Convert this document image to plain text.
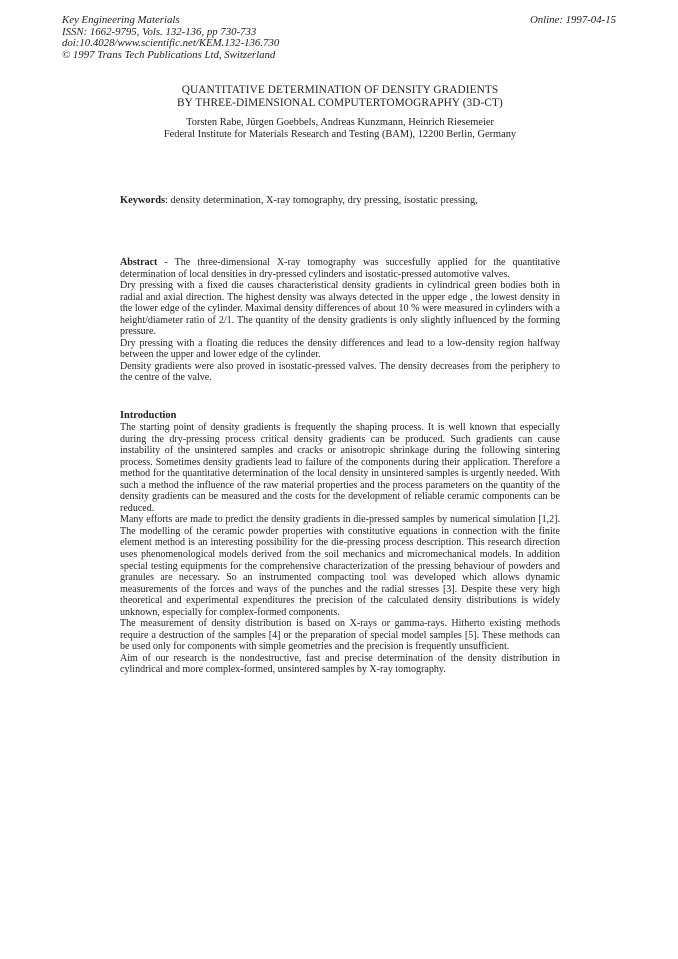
Key Engineering Materials
ISSN: 1662-9795, Vols. 132-136, pp 730-733
doi:10.4028/www.scientific.net/KEM.132-136.730
© 1997 Trans Tech Publications Ltd, Switzerland
Online: 1997-04-15
QUANTITATIVE DETERMINATION OF DENSITY GRADIENTS
BY THREE-DIMENSIONAL COMPUTERTOMOGRAPHY (3D-CT)
Torsten Rabe, Jürgen Goebbels, Andreas Kunzmann, Heinrich Riesemeier
Federal Institute for Materials Research and Testing (BAM), 12200 Berlin, Germany
Keywords: density determination, X-ray tomography, dry pressing, isostatic pressing,

Abstract - The three-dimensional X-ray tomography was succesfully applied for the quantitative determination of local densities in dry-pressed cylinders and isostatic-pressed automotive valves.

Dry pressing with a fixed die causes characteristical density gradients in cylindrical green bodies both in radial and axial direction. The highest density was always detected in the upper edge , the lowest density in the lower edge of the cylinder. Maximal density differences of about 10 % were measured in cylinders with a height/diameter ratio of 2/1. The quantity of the density gradients is only slightly influenced by the forming pressure.

Dry pressing with a floating die reduces the density differences and lead to a low-density region halfway between the upper and lower edge of the cylinder.

Density gradients were also proved in isostatic-pressed valves. The density decreases from the periphery to the centre of the valve.

Introduction

The starting point of density gradients is frequently the shaping process. It is well known that especially during the dry-pressing process critical density gradients can be produced. Such gradients can cause instability of the unsintered samples and cracks or anisotropic shrinkage during the following sintering process. Sometimes density gradients lead to failure of the components during their application. Therefore a method for the quantitative determination of the local density in unsintered samples is urgently needed. With such a method the influence of the raw material properties and the process parameters on the quantity of the density gradients can be measured and the costs for the development of reliable ceramic components can be reduced.

Many efforts are made to predict the density gradients in die-pressed samples by numerical simulation [1,2]. The modelling of the ceramic powder properties with constitutive equations in connection with the finite element method is an interesting possibility for the die-pressing process description. This research direction uses phenomenological models derived from the soil mechanics and micromechanical models. In addition special testing equipments for the comprehensive characterization of the pressing behaviour of powders and granules are necessary. So an instrumented compacting tool was developed which allows dynamic measurements of the forces and ways of the punches and the radial stresses [3]. Despite these very high theoretical and experimental expenditures the precision of the calculated density distributions is widely unknown, especially for complex-formed components.

The measurement of density distribution is based on X-rays or gamma-rays. Hitherto existing methods require a destruction of the samples [4] or the preparation of special model samples [5]. These methods can be used only for components with simple geometries and the precision is frequently unsufficient.

Aim of our research is the nondestructive, fast and precise determination of the density distribution in cylindrical and more complex-formed, unsintered samples by X-ray tomography.
